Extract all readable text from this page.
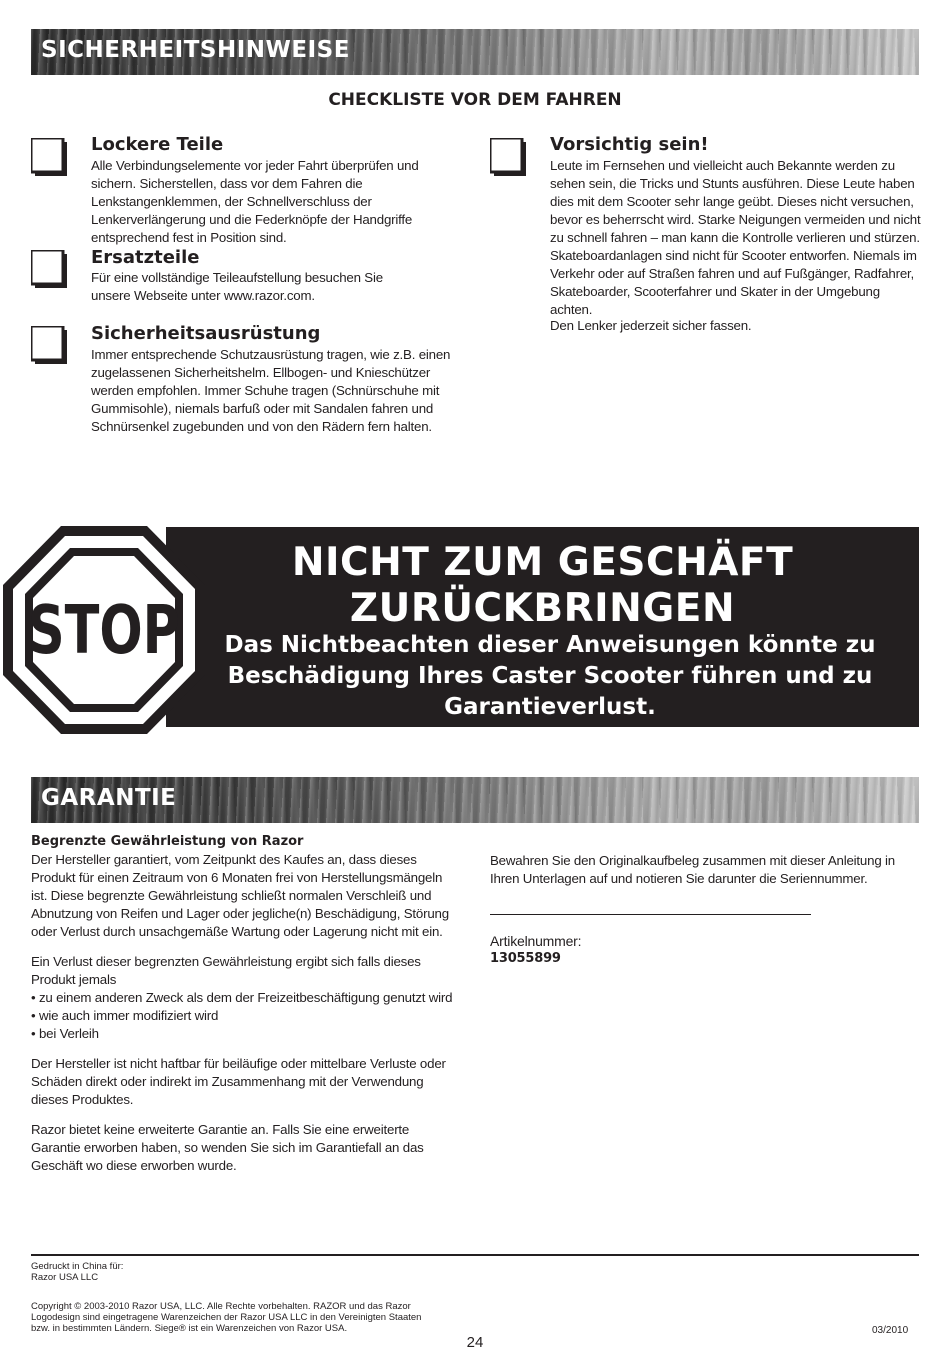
SICHERHEITSHINWEISE
CHECKLISTE VOR DEM FAHREN
Lockere Teile
Alle Verbindungselemente vor jeder Fahrt überprüfen und sichern. Sicherstellen, dass vor dem Fahren die Lenkstangenklemmen, der Schnellverschluss der Lenkerverlängerung und die Federknöpfe der Handgriffe entsprechend fest in Position sind.
Ersatzteile
Für eine vollständige Teileaufstellung besuchen Sie unsere Webseite unter www.razor.com.
Sicherheitsausrüstung
Immer entsprechende Schutzausrüstung tragen, wie z.B. einen zugelassenen Sicherheitshelm. Ellbogen- und Knieschützer werden empfohlen. Immer Schuhe tragen (Schnürschuhe mit Gummisohle), niemals barfuß oder mit Sandalen fahren und Schnürsenkel zugebunden und von den Rädern fern halten.
Vorsichtig sein!
Leute im Fernsehen und vielleicht auch Bekannte werden zu sehen sein, die Tricks und Stunts ausführen. Diese Leute haben dies mit dem Scooter sehr lange geübt. Dieses nicht versuchen, bevor es beherrscht wird. Starke Neigungen vermeiden und nicht zu schnell fahren – man kann die Kontrolle verlieren und stürzen. Skateboardanlagen sind nicht für Scooter entworfen. Niemals im Verkehr oder auf Straßen fahren und auf Fußgänger, Radfahrer, Skateboarder, Scooterfahrer und Skater in der Umgebung achten.
Den Lenker jederzeit sicher fassen.
STOP
NICHT ZUM GESCHÄFT
ZURÜCKBRINGEN
Das Nichtbeachten dieser Anweisungen könnte zu
Beschädigung Ihres Caster Scooter führen und zu
Garantieverlust.
GARANTIE
Begrenzte Gewährleistung von Razor

Der Hersteller garantiert, vom Zeitpunkt des Kaufes an, dass dieses Produkt für einen Zeitraum von 6 Monaten frei von Herstellungsmängeln ist. Diese begrenzte Gewährleistung schließt normalen Verschleiß und Abnutzung von Reifen und Lager oder jegliche(n) Beschädigung, Störung oder Verlust durch unsachgemäße Wartung oder Lagerung nicht mit ein.

Ein Verlust dieser begrenzten Gewährleistung ergibt sich falls dieses Produkt jemals

• zu einem anderen Zweck als dem der Freizeitbeschäftigung genutzt wird

• wie auch immer modifiziert wird

• bei Verleih

Der Hersteller ist nicht haftbar für beiläufige oder mittelbare Verluste oder Schäden direkt oder indirekt im Zusammenhang mit der Verwendung dieses Produktes.

Razor bietet keine erweiterte Garantie an. Falls Sie eine erweiterte Garantie erworben haben, so wenden Sie sich im Garantiefall an das Geschäft wo diese erworben wurde.

Bewahren Sie den Originalkaufbeleg zusammen mit dieser Anleitung in Ihren Unterlagen auf und notieren Sie darunter die Seriennummer.
Artikelnummer:
13055899
Gedruckt in China für:
Razor USA LLC
Copyright © 2003-2010 Razor USA, LLC. Alle Rechte vorbehalten. RAZOR und das Razor
Logodesign sind eingetragene Warenzeichen der Razor USA LLC in den Vereinigten Staaten
bzw. in bestimmten Ländern. Siege® ist ein Warenzeichen von Razor USA.	03/2010
24
